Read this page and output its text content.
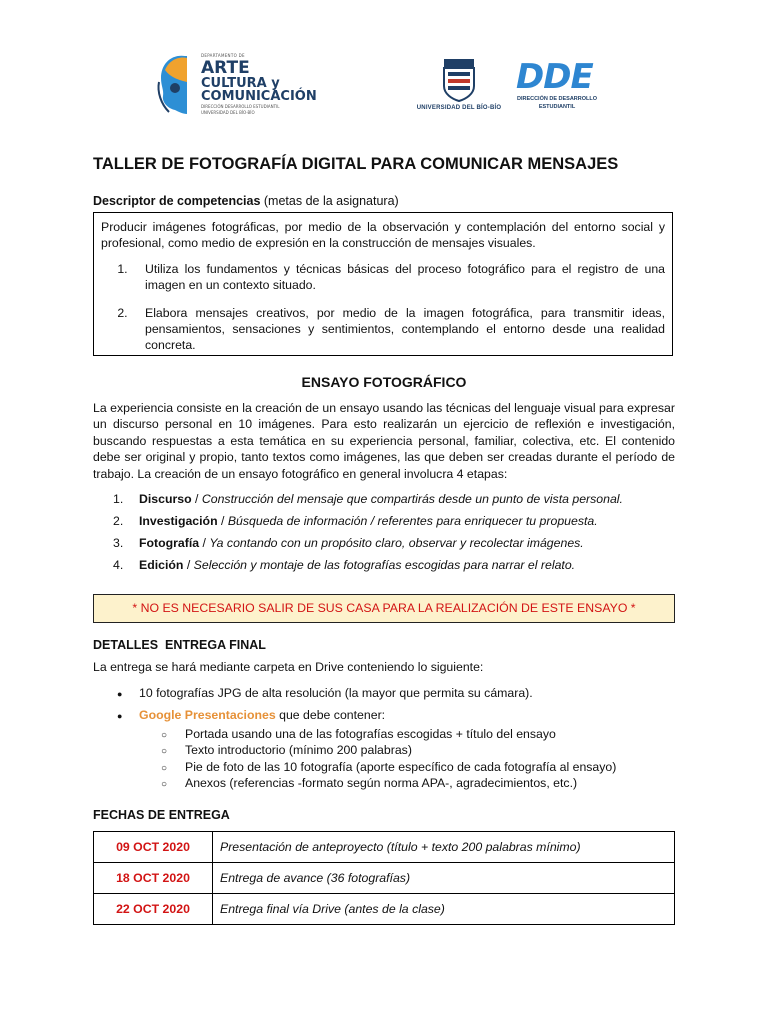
DEPARTAMENTO DE
ARTE
CULTURA y
COMUNICACIÓN
DIRECCIÓN DESARROLLO ESTUDIANTIL
UNIVERSIDAD DEL BÍO-BÍO
UNIVERSIDAD DEL BÍO-BÍO
DDE
DIRECCIÓN DE DESARROLLO
ESTUDIANTIL
TALLER DE FOTOGRAFÍA DIGITAL PARA COMUNICAR MENSAJES
Descriptor de competencias (metas de la asignatura)
Producir imágenes fotográficas, por medio de la observación y contemplación del entorno social y profesional, como medio de expresión en la construcción de mensajes visuales.
1. Utiliza los fundamentos y técnicas básicas del proceso fotográfico para el registro de una imagen en un contexto situado.
2. Elabora mensajes creativos, por medio de la imagen fotográfica, para transmitir ideas, pensamientos, sensaciones y sentimientos, contemplando el entorno desde una realidad concreta.
ENSAYO FOTOGRÁFICO
La experiencia consiste en la creación de un ensayo usando las técnicas del lenguaje visual para expresar un discurso personal en 10 imágenes. Para esto realizarán un ejercicio de reflexión e investigación, buscando respuestas a esta temática en su experiencia personal, familiar, colectiva, etc. El contenido debe ser original y propio, tanto textos como imágenes, las que deben ser creadas durante el período de trabajo. La creación de un ensayo fotográfico en general involucra 4 etapas:
1. Discurso / Construcción del mensaje que compartirás desde un punto de vista personal.
2. Investigación / Búsqueda de información / referentes para enriquecer tu propuesta.
3. Fotografía / Ya contando con un propósito claro, observar y recolectar imágenes.
4. Edición / Selección y montaje de las fotografías escogidas para narrar el relato.
* NO ES NECESARIO SALIR DE SUS CASA PARA LA REALIZACIÓN DE ESTE ENSAYO *
DETALLES  ENTREGA FINAL
La entrega se hará mediante carpeta en Drive conteniendo lo siguiente:
● 10 fotografías JPG de alta resolución (la mayor que permita su cámara).
● Google Presentaciones que debe contener:
○ Portada usando una de las fotografías escogidas + título del ensayo
○ Texto introductorio (mínimo 200 palabras)
○ Pie de foto de las 10 fotografía (aporte específico de cada fotografía al ensayo)
○ Anexos (referencias -formato según norma APA-, agradecimientos, etc.)
FECHAS DE ENTREGA
09 OCT 2020	Presentación de anteproyecto (título + texto 200 palabras mínimo)
18 OCT 2020	Entrega de avance (36 fotografías)
22 OCT 2020	Entrega final vía Drive (antes de la clase)
